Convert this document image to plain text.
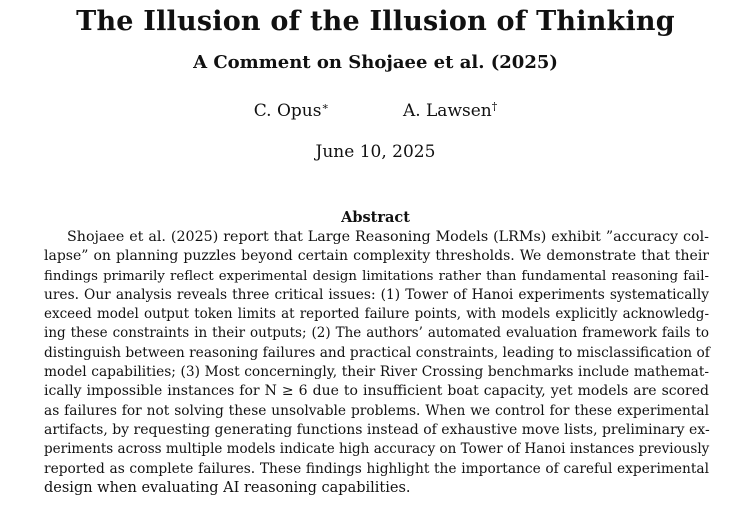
The Illusion of the Illusion of Thinking
A Comment on Shojaee et al. (2025)
C. Opus∗	A. Lawsen†
June 10, 2025
Abstract
Shojaee et al. (2025) report that Large Reasoning Models (LRMs) exhibit ”accuracy col-
lapse” on planning puzzles beyond certain complexity thresholds. We demonstrate that their
findings primarily reflect experimental design limitations rather than fundamental reasoning fail-
ures. Our analysis reveals three critical issues: (1) Tower of Hanoi experiments systematically
exceed model output token limits at reported failure points, with models explicitly acknowledg-
ing these constraints in their outputs; (2) The authors’ automated evaluation framework fails to
distinguish between reasoning failures and practical constraints, leading to misclassification of
model capabilities; (3) Most concerningly, their River Crossing benchmarks include mathemat-
ically impossible instances for N ≥ 6 due to insufficient boat capacity, yet models are scored
as failures for not solving these unsolvable problems. When we control for these experimental
artifacts, by requesting generating functions instead of exhaustive move lists, preliminary ex-
periments across multiple models indicate high accuracy on Tower of Hanoi instances previously
reported as complete failures. These findings highlight the importance of careful experimental
design when evaluating AI reasoning capabilities.
